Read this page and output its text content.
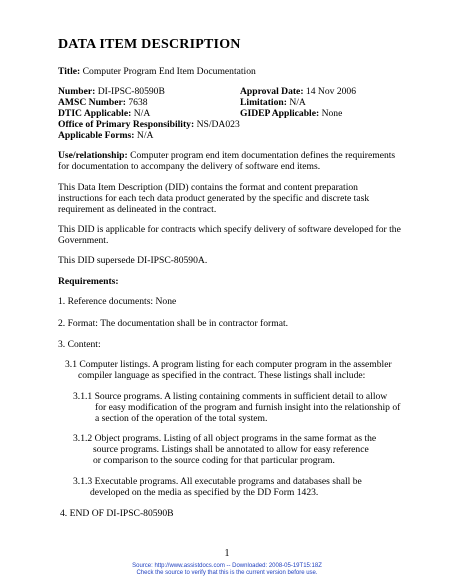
DATA ITEM DESCRIPTION
Title: Computer Program End Item Documentation
Number: DI-IPSC-80590B	Approval Date: 14 Nov 2006
AMSC Number: 7638	Limitation: N/A
DTIC Applicable: N/A	GIDEP Applicable: None
Office of Primary Responsibility: NS/DA023
Applicable Forms: N/A
Use/relationship: Computer program end item documentation defines the requirements
for documentation to accompany the delivery of software end items.
This Data Item Description (DID) contains the format and content preparation
instructions for each tech data product generated by the specific and discrete task
requirement as delineated in the contract.
This DID is applicable for contracts which specify delivery of software developed for the
Government.
This DID supersede DI-IPSC-80590A.
Requirements:
1. Reference documents: None
2. Format: The documentation shall be in contractor format.
3. Content:
3.1 Computer listings. A program listing for each computer program in the assembler
compiler language as specified in the contract. These listings shall include:
3.1.1 Source programs. A listing containing comments in sufficient detail to allow
for easy modification of the program and furnish insight into the relationship of
a section of the operation of the total system.
3.1.2 Object programs. Listing of all object programs in the same format as the
source programs. Listings shall be annotated to allow for easy reference
or comparison to the source coding for that particular program.
3.1.3 Executable programs. All executable programs and databases shall be
developed on the media as specified by the DD Form 1423.
4. END OF DI-IPSC-80590B
1
Source: http://www.assistdocs.com -- Downloaded: 2008-05-19T15:18Z
Check the source to verify that this is the current version before use.
